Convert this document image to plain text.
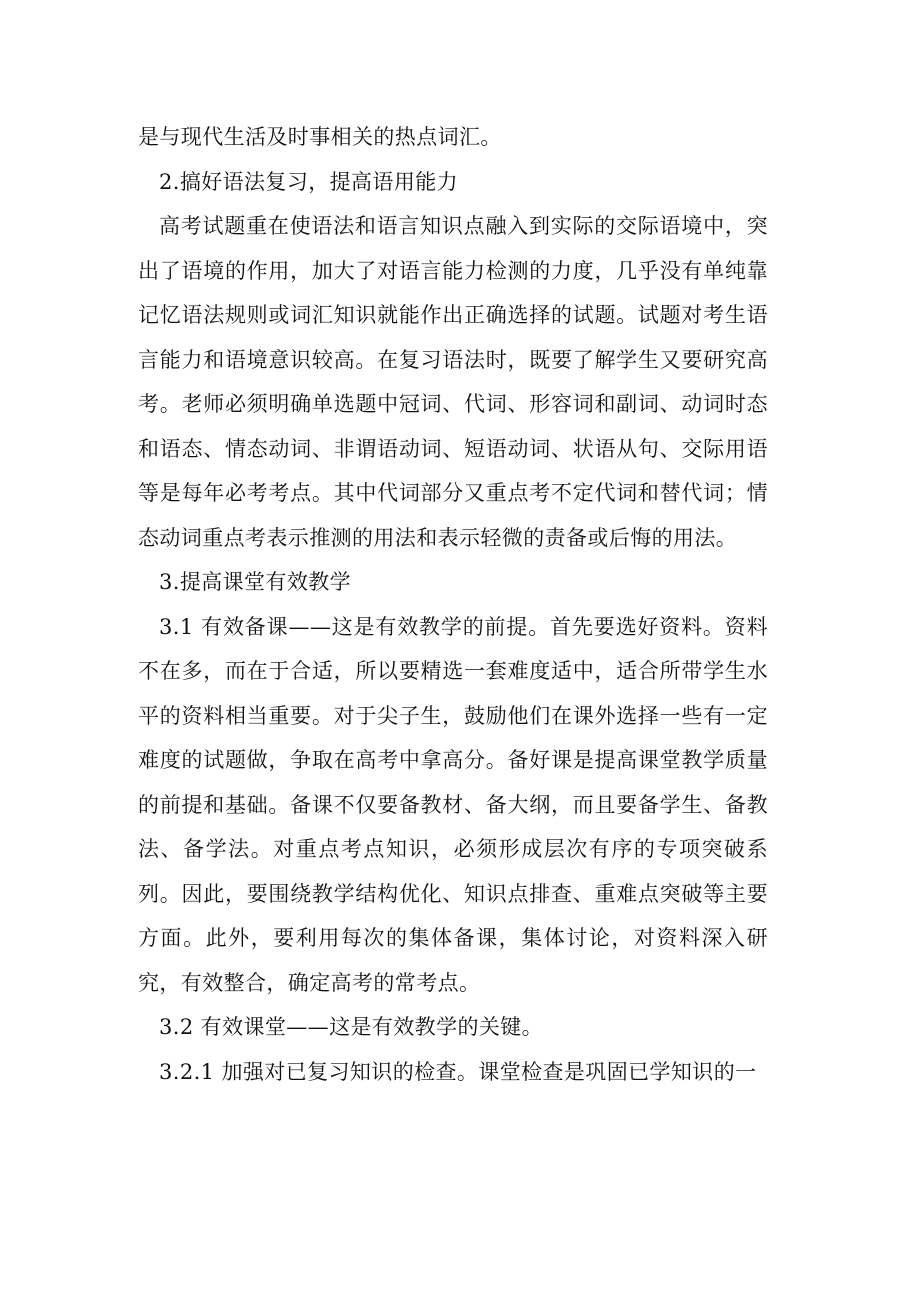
是与现代生活及时事相关的热点词汇。

2.搞好语法复习，提高语用能力

高考试题重在使语法和语言知识点融入到实际的交际语境中，突出了语境的作用，加大了对语言能力检测的力度，几乎没有单纯靠记忆语法规则或词汇知识就能作出正确选择的试题。试题对考生语言能力和语境意识较高。在复习语法时，既要了解学生又要研究高考。老师必须明确单选题中冠词、代词、形容词和副词、动词时态和语态、情态动词、非谓语动词、短语动词、状语从句、交际用语等是每年必考考点。其中代词部分又重点考不定代词和替代词；情态动词重点考表示推测的用法和表示轻微的责备或后悔的用法。

3.提高课堂有效教学

3.1 有效备课——这是有效教学的前提。首先要选好资料。资料不在多，而在于合适，所以要精选一套难度适中，适合所带学生水平的资料相当重要。对于尖子生，鼓励他们在课外选择一些有一定难度的试题做，争取在高考中拿高分。备好课是提高课堂教学质量的前提和基础。备课不仅要备教材、备大纲，而且要备学生、备教法、备学法。对重点考点知识，必须形成层次有序的专项突破系列。因此，要围绕教学结构优化、知识点排查、重难点突破等主要方面。此外，要利用每次的集体备课，集体讨论，对资料深入研究，有效整合，确定高考的常考点。

3.2 有效课堂——这是有效教学的关键。

3.2.1 加强对已复习知识的检查。课堂检查是巩固已学知识的一
